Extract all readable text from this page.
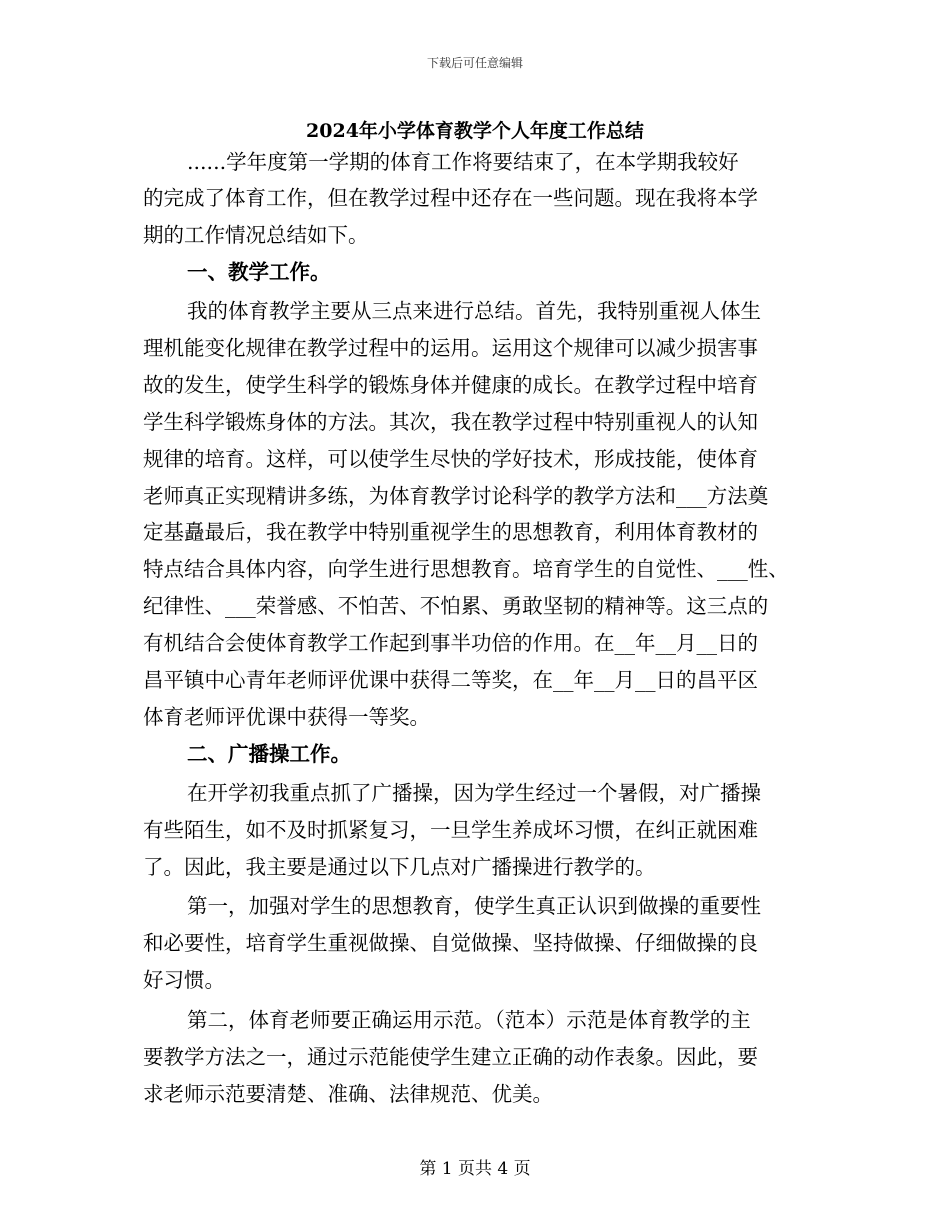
下载后可任意编辑
2024年小学体育教学个人年度工作总结
......学年度第一学期的体育工作将要结束了，在本学期我较好
的完成了体育工作，但在教学过程中还存在一些问题。现在我将本学
期的工作情况总结如下。
一、教学工作。
我的体育教学主要从三点来进行总结。首先，我特别重视人体生
理机能变化规律在教学过程中的运用。运用这个规律可以减少损害事
故的发生，使学生科学的锻炼身体并健康的成长。在教学过程中培育
学生科学锻炼身体的方法。其次，我在教学过程中特别重视人的认知
规律的培育。这样，可以使学生尽快的学好技术，形成技能，使体育
老师真正实现精讲多练，为体育教学讨论科学的教学方法和___方法奠
定基矗最后，我在教学中特别重视学生的思想教育，利用体育教材的
特点结合具体内容，向学生进行思想教育。培育学生的自觉性、___性、
纪律性、___荣誉感、不怕苦、不怕累、勇敢坚韧的精神等。这三点的
有机结合会使体育教学工作起到事半功倍的作用。在__年__月__日的
昌平镇中心青年老师评优课中获得二等奖，在__年__月__日的昌平区
体育老师评优课中获得一等奖。
二、广播操工作。
在开学初我重点抓了广播操，因为学生经过一个暑假，对广播操
有些陌生，如不及时抓紧复习，一旦学生养成坏习惯，在纠正就困难
了。因此，我主要是通过以下几点对广播操进行教学的。
第一，加强对学生的思想教育，使学生真正认识到做操的重要性
和必要性，培育学生重视做操、自觉做操、坚持做操、仔细做操的良
好习惯。
第二，体育老师要正确运用示范。（范本）示范是体育教学的主
要教学方法之一，通过示范能使学生建立正确的动作表象。因此，要
求老师示范要清楚、准确、法律规范、优美。
第 1 页共 4 页
